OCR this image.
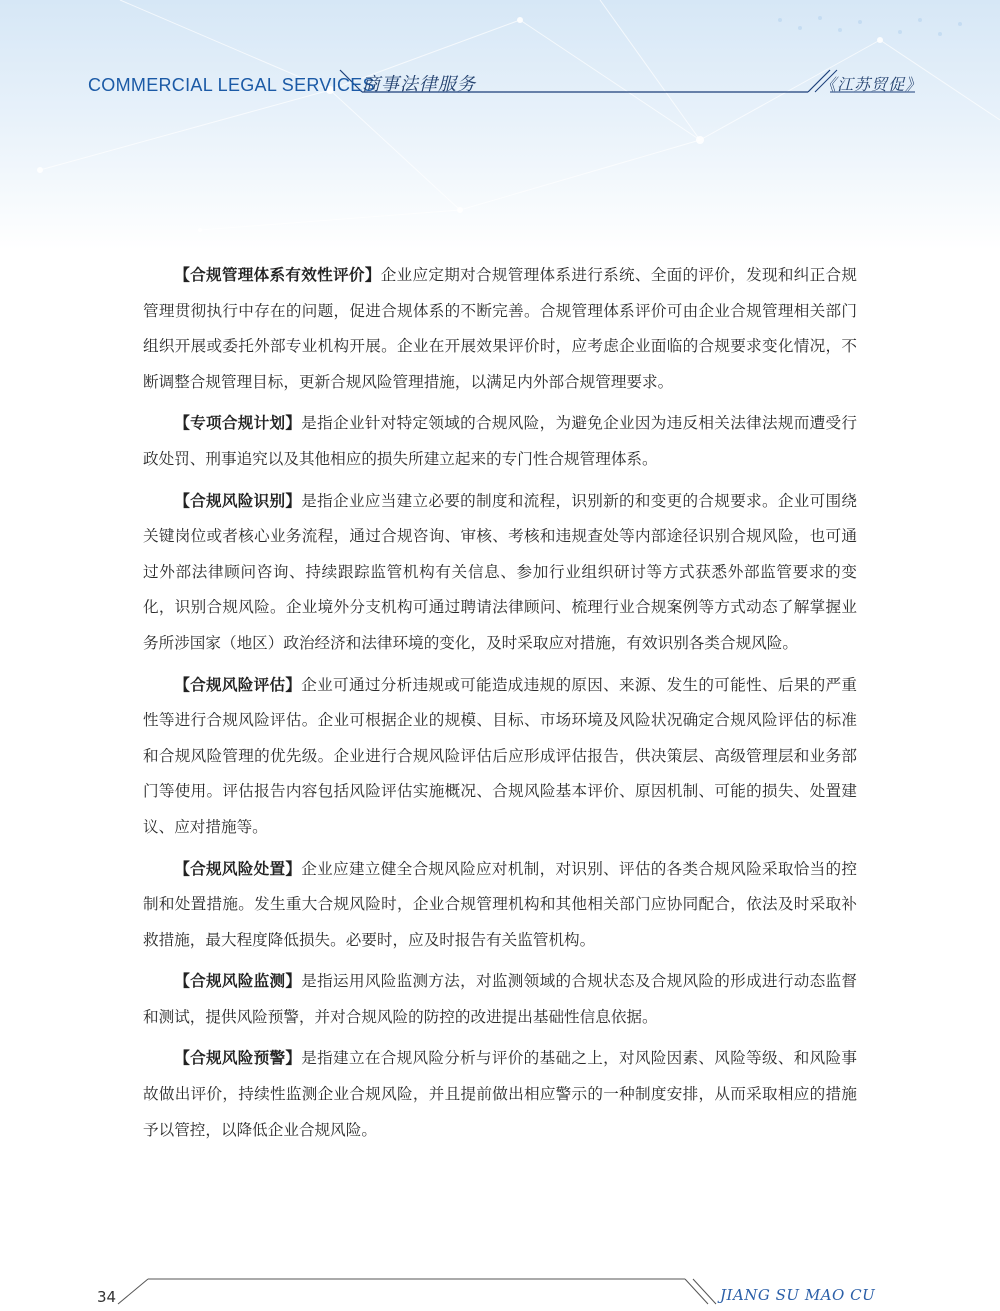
COMMERCIAL LEGAL SERVICES
商事法律服务	《江苏贸促》

【合规管理体系有效性评价】企业应定期对合规管理体系进行系统、全面的评价，发现和纠正合规管理贯彻执行中存在的问题，促进合规体系的不断完善。合规管理体系评价可由企业合规管理相关部门组织开展或委托外部专业机构开展。企业在开展效果评价时，应考虑企业面临的合规要求变化情况，不断调整合规管理目标，更新合规风险管理措施，以满足内外部合规管理要求。

【专项合规计划】是指企业针对特定领域的合规风险，为避免企业因为违反相关法律法规而遭受行政处罚、刑事追究以及其他相应的损失所建立起来的专门性合规管理体系。

【合规风险识别】是指企业应当建立必要的制度和流程，识别新的和变更的合规要求。企业可围绕关键岗位或者核心业务流程，通过合规咨询、审核、考核和违规查处等内部途径识别合规风险，也可通过外部法律顾问咨询、持续跟踪监管机构有关信息、参加行业组织研讨等方式获悉外部监管要求的变化，识别合规风险。企业境外分支机构可通过聘请法律顾问、梳理行业合规案例等方式动态了解掌握业务所涉国家（地区）政治经济和法律环境的变化，及时采取应对措施，有效识别各类合规风险。

【合规风险评估】企业可通过分析违规或可能造成违规的原因、来源、发生的可能性、后果的严重性等进行合规风险评估。企业可根据企业的规模、目标、市场环境及风险状况确定合规风险评估的标准和合规风险管理的优先级。企业进行合规风险评估后应形成评估报告，供决策层、高级管理层和业务部门等使用。评估报告内容包括风险评估实施概况、合规风险基本评价、原因机制、可能的损失、处置建议、应对措施等。

【合规风险处置】企业应建立健全合规风险应对机制，对识别、评估的各类合规风险采取恰当的控制和处置措施。发生重大合规风险时，企业合规管理机构和其他相关部门应协同配合，依法及时采取补救措施，最大程度降低损失。必要时，应及时报告有关监管机构。

【合规风险监测】是指运用风险监测方法，对监测领域的合规状态及合规风险的形成进行动态监督和测试，提供风险预警，并对合规风险的防控的改进提出基础性信息依据。

【合规风险预警】是指建立在合规风险分析与评价的基础之上，对风险因素、风险等级、和风险事故做出评价，持续性监测企业合规风险，并且提前做出相应警示的一种制度安排，从而采取相应的措施予以管控，以降低企业合规风险。

34	JIANG SU MAO CU
